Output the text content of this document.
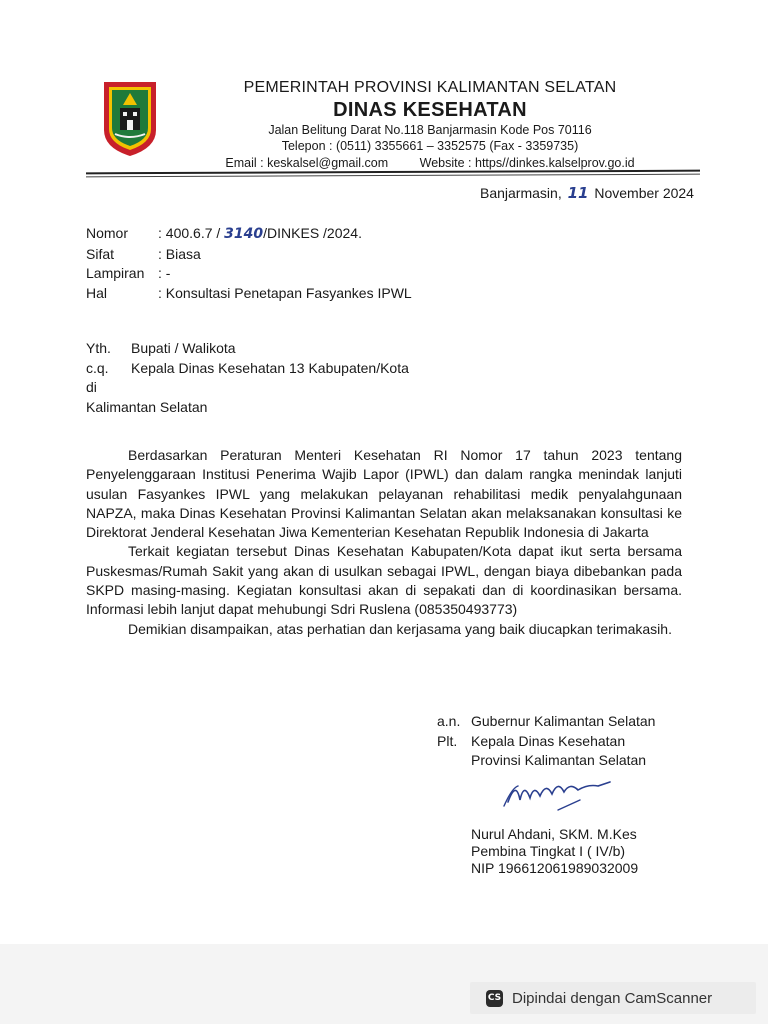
PEMERINTAH PROVINSI KALIMANTAN SELATAN
DINAS KESEHATAN
Jalan Belitung Darat No.118 Banjarmasin Kode Pos 70116
Telepon : (0511) 3355661 – 3352575 (Fax - 3359735)
Email : keskalsel@gmail.com	Website : https//dinkes.kalselprov.go.id
Banjarmasin, 11 November 2024
Nomor	: 400.6.7 / 3140/DINKES /2024.
Sifat	: Biasa
Lampiran : -
Hal	: Konsultasi Penetapan Fasyankes IPWL
Yth.	Bupati / Walikota
c.q.	Kepala Dinas Kesehatan 13 Kabupaten/Kota
di
Kalimantan Selatan

Berdasarkan Peraturan Menteri Kesehatan RI Nomor 17 tahun 2023 tentang Penyelenggaraan Institusi Penerima Wajib Lapor (IPWL) dan dalam rangka menindak lanjuti usulan Fasyankes IPWL yang melakukan pelayanan rehabilitasi medik penyalahgunaan NAPZA, maka Dinas Kesehatan Provinsi Kalimantan Selatan akan melaksanakan konsultasi ke Direktorat Jenderal Kesehatan Jiwa Kementerian Kesehatan Republik Indonesia di Jakarta

Terkait kegiatan tersebut Dinas Kesehatan Kabupaten/Kota dapat ikut serta bersama Puskesmas/Rumah Sakit yang akan di usulkan sebagai IPWL, dengan biaya dibebankan pada SKPD masing-masing. Kegiatan konsultasi akan di sepakati dan di koordinasikan bersama. Informasi lebih lanjut dapat mehubungi Sdri Ruslena (085350493773)

Demikian disampaikan, atas perhatian dan kerjasama yang baik diucapkan terimakasih.

a.n. Gubernur Kalimantan Selatan
Plt. Kepala Dinas Kesehatan
Provinsi Kalimantan Selatan
Nurul Ahdani, SKM. M.Kes
Pembina Tingkat I ( IV/b)
NIP 196612061989032009
CS Dipindai dengan CamScanner
